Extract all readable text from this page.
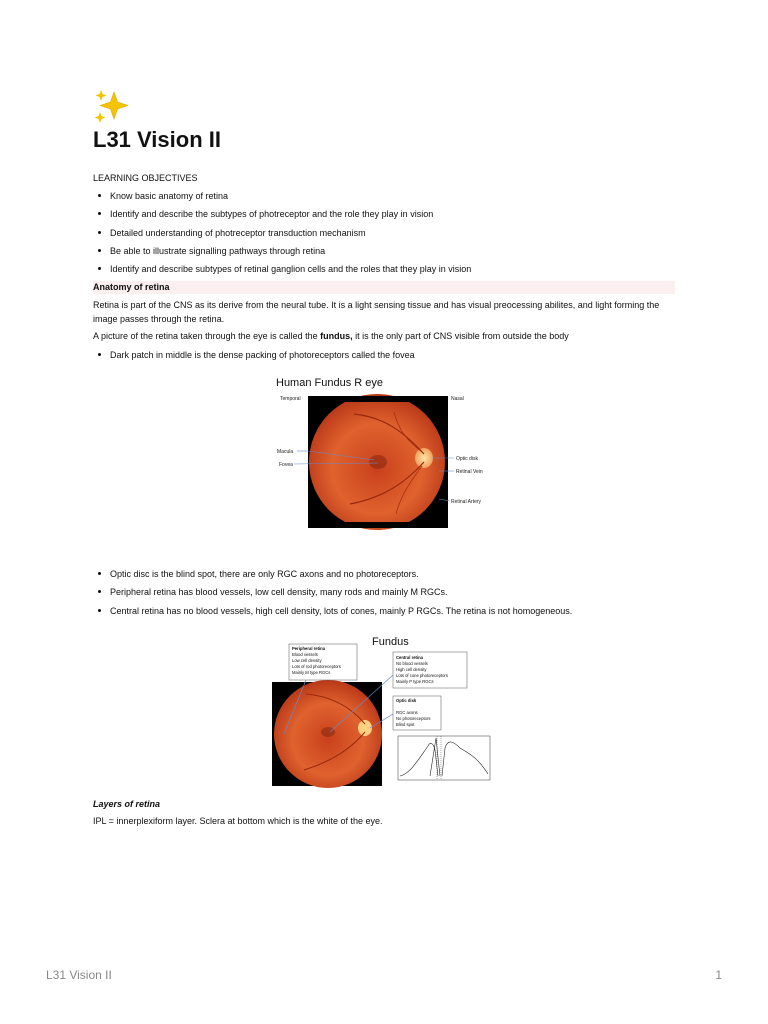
L31 Vision II
LEARNING OBJECTIVES
Know basic anatomy of retina
Identify and describe the subtypes of photreceptor and the role they play in vision
Detailed understanding of photreceptor transduction mechanism
Be able to illustrate signalling pathways through retina
Identify and describe subtypes of retinal ganglion cells and the roles that they play in vision
Anatomy of retina
Retina is part of the CNS as its derive from the neural tube. It is a light sensing tissue and has visual preocessing abilites, and light forming the image passes through the retina.
A picture of the retina taken through the eye is called the fundus, it is the only part of CNS visible from outside the body
Dark patch in middle is the dense packing of photoreceptors called the fovea
Human Fundus R eye
Temporal	Nasal
Macula
Fovea
Optic disk
Retinal Vein
Retinal Artery
Optic disc is the blind spot, there are only RGC axons and no photoreceptors.
Peripheral retina has blood vessels, low cell density, many rods and mainly M RGCs.
Central retina has no blood vessels, high cell density, lots of cones, mainly P RGCs. The retina is not homogeneous.
Fundus
Peripheral retina
Blood vessels
Low cell density
Lots of rod photoreceptors
Mainly M type RGCs
Central retina
No blood vessels
High cell density
Lots of cone photoreceptors
Mainly P type RGCs
Optic disk
RGC axons
No photoreceptors
Blind spot
Layers of retina
IPL = innerplexiform layer. Sclera at bottom which is the white of the eye.
L31 Vision II	1
